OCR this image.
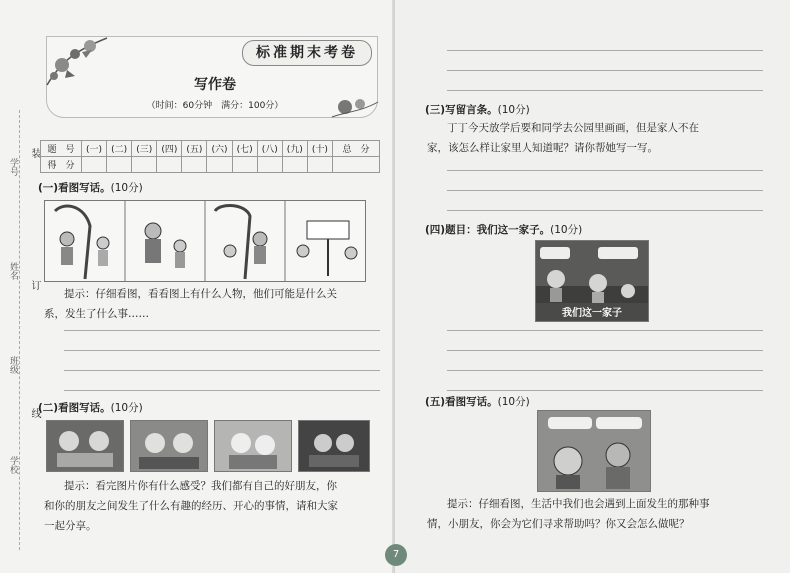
学号
姓名
班级
学校
装
订
线
标准期末考卷
写作卷
（时间：60分钟　满分：100分）
题　号	(一)	(二)	(三)	(四)	(五)	(六)	(七)	(八)	(九)	(十)	总　分
得　分											
(一)看图写话。(10分)
提示：仔细看图，看看图上有什么人物，他们可能是什么关
系，发生了什么事……
(二)看图写话。(10分)
提示：看完图片你有什么感受？我们都有自己的好朋友，你
和你的朋友之间发生了什么有趣的经历、开心的事情，请和大家
一起分享。
(三)写留言条。(10分)
丁丁今天放学后要和同学去公园里画画，但是家人不在
家，该怎么样让家里人知道呢？请你帮她写一写。
(四)题目：我们这一家子。(10分)
我们这一家子
(五)看图写话。(10分)
提示：仔细看图，生活中我们也会遇到上面发生的那种事
情，小朋友，你会为它们寻求帮助吗？你又会怎么做呢？
7
